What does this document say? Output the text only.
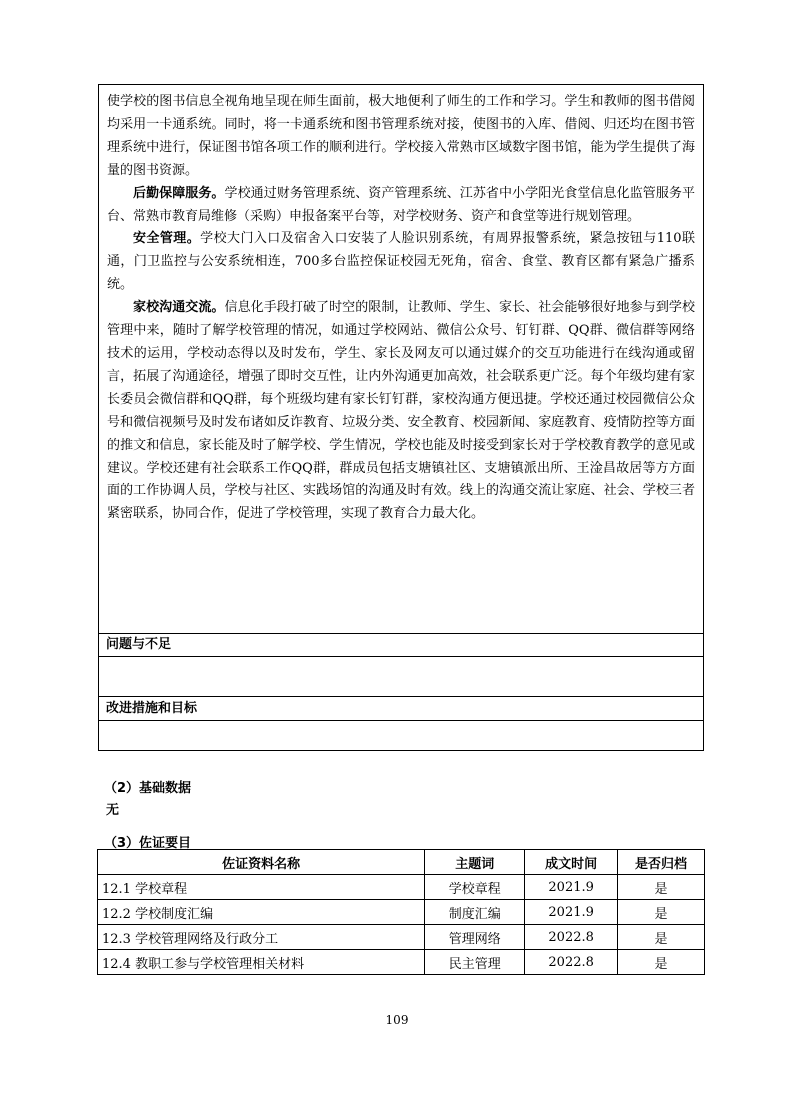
使学校的图书信息全视角地呈现在师生面前，极大地便利了师生的工作和学习。学生和教师的图书借阅均采用一卡通系统。同时，将一卡通系统和图书管理系统对接，使图书的入库、借阅、归还均在图书管理系统中进行，保证图书馆各项工作的顺利进行。学校接入常熟市区域数字图书馆，能为学生提供了海量的图书资源。

后勤保障服务。学校通过财务管理系统、资产管理系统、江苏省中小学阳光食堂信息化监管服务平台、常熟市教育局维修（采购）申报备案平台等，对学校财务、资产和食堂等进行规划管理。

安全管理。学校大门入口及宿舍入口安装了人脸识别系统，有周界报警系统，紧急按钮与110联通，门卫监控与公安系统相连，700多台监控保证校园无死角，宿舍、食堂、教育区都有紧急广播系统。

家校沟通交流。信息化手段打破了时空的限制，让教师、学生、家长、社会能够很好地参与到学校管理中来，随时了解学校管理的情况，如通过学校网站、微信公众号、钉钉群、QQ群、微信群等网络技术的运用，学校动态得以及时发布，学生、家长及网友可以通过媒介的交互功能进行在线沟通或留言，拓展了沟通途径，增强了即时交互性，让内外沟通更加高效，社会联系更广泛。每个年级均建有家长委员会微信群和QQ群，每个班级均建有家长钉钉群，家校沟通方便迅捷。学校还通过校园微信公众号和微信视频号及时发布诸如反诈教育、垃圾分类、安全教育、校园新闻、家庭教育、疫情防控等方面的推文和信息，家长能及时了解学校、学生情况，学校也能及时接受到家长对于学校教育教学的意见或建议。学校还建有社会联系工作QQ群，群成员包括支塘镇社区、支塘镇派出所、王淦昌故居等方方面面的工作协调人员，学校与社区、实践场馆的沟通及时有效。线上的沟通交流让家庭、社会、学校三者紧密联系，协同合作，促进了学校管理，实现了教育合力最大化。

问题与不足
改进措施和目标
（2）基础数据
无
（3）佐证要目
佐证资料名称	主题词	成文时间	是否归档
12.1 学校章程	学校章程	2021.9	是
12.2 学校制度汇编	制度汇编	2021.9	是
12.3 学校管理网络及行政分工	管理网络	2022.8	是
12.4 教职工参与学校管理相关材料	民主管理	2022.8	是
109
